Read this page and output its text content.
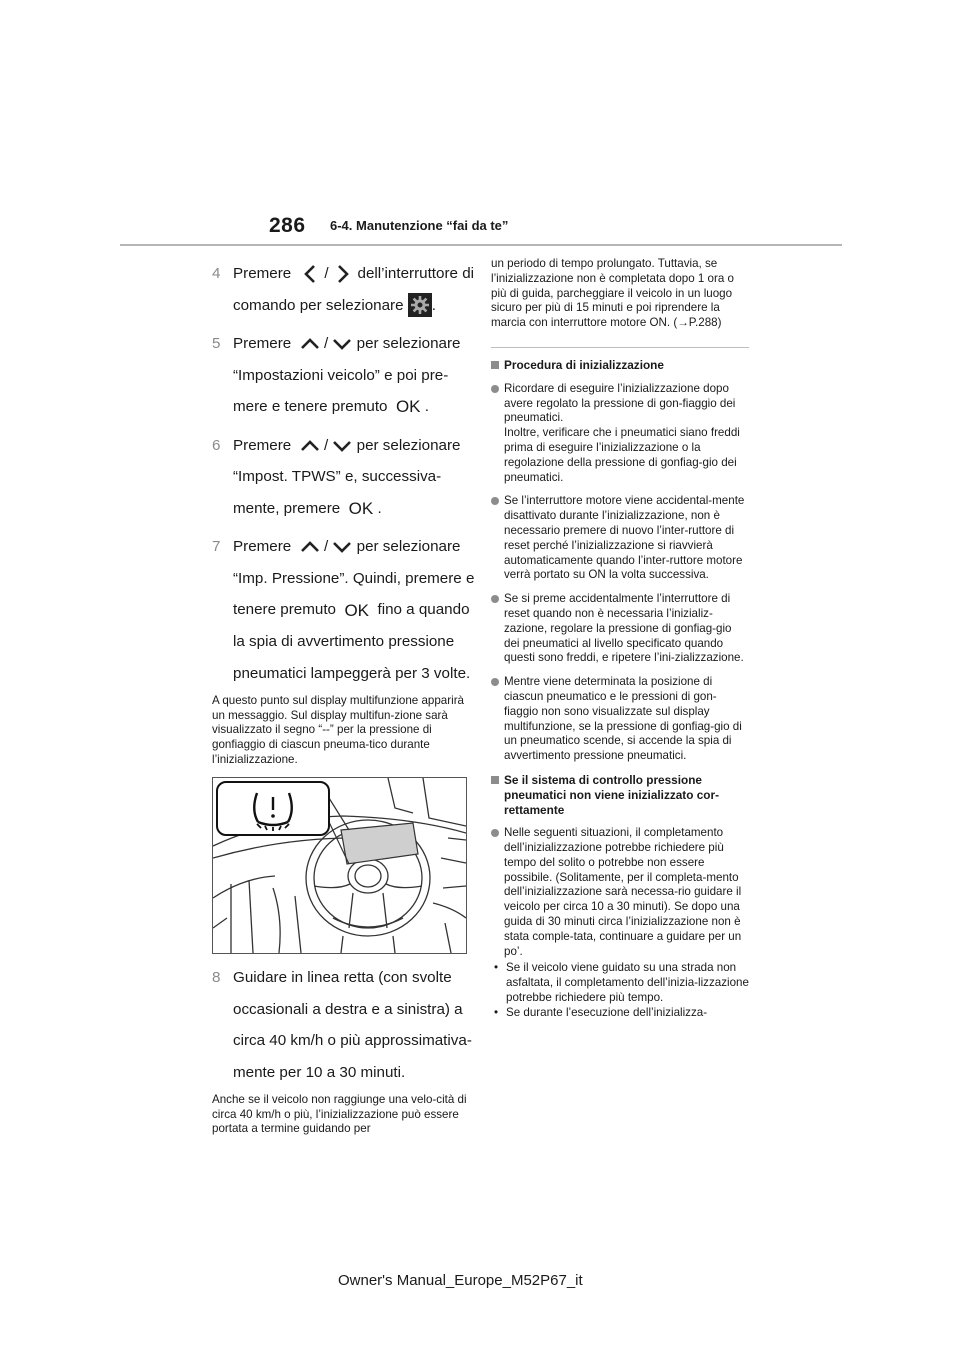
286 6-4. Manutenzione “fai da te”
4 Premere / dell’interruttore di
comando per selezionare .
5 Premere / per selezionare
“Impostazioni veicolo” e poi pre-
mere e tenere premuto OK .
6 Premere / per selezionare
“Impost. TPWS” e, successiva-
mente, premere OK .
7 Premere / per selezionare
“Imp. Pressione”. Quindi, premere e
tenere premuto OK fino a quando
la spia di avvertimento pressione
pneumatici lampeggerà per 3 volte.
A questo punto sul display multifunzione apparirà un messaggio. Sul display multifun-zione sarà visualizzato il segno “--” per la pressione di gonfiaggio di ciascun pneuma-tico durante l’inizializzazione.
8 Guidare in linea retta (con svolte
occasionali a destra e a sinistra) a
circa 40 km/h o più approssimativa-
mente per 10 a 30 minuti.
Anche se il veicolo non raggiunge una velo-cità di circa 40 km/h o più, l’inizializzazione può essere portata a termine guidando per

un periodo di tempo prolungato. Tuttavia, se l’inizializzazione non è completata dopo 1 ora o più di guida, parcheggiare il veicolo in un luogo sicuro per più di 15 minuti e poi riprendere la marcia con interruttore motore ON. (→P.288)

Procedura di inizializzazione
Ricordare di eseguire l’inizializzazione dopo avere regolato la pressione di gon-fiaggio dei pneumatici.
Inoltre, verificare che i pneumatici siano freddi prima di eseguire l’inizializzazione o la regolazione della pressione di gonfiag-gio dei pneumatici.
Se l’interruttore motore viene accidental-mente disattivato durante l’inizializzazione, non è necessario premere di nuovo l’inter-ruttore di reset perché l’inizializzazione si riavvierà automaticamente quando l’inter-ruttore motore verrà portato su ON la volta successiva.
Se si preme accidentalmente l’interruttore di reset quando non è necessaria l’inizializ-zazione, regolare la pressione di gonfiag-gio dei pneumatici al livello specificato quando questi sono freddi, e ripetere l’ini-zializzazione.
Mentre viene determinata la posizione di ciascun pneumatico e le pressioni di gon-fiaggio non sono visualizzate sul display multifunzione, se la pressione di gonfiag-gio di un pneumatico scende, si accende la spia di avvertimento pressione pneumatici.
Se il sistema di controllo pressione pneumatici non viene inizializzato cor-rettamente
Nelle seguenti situazioni, il completamento dell’inizializzazione potrebbe richiedere più tempo del solito o potrebbe non essere possibile. (Solitamente, per il completa-mento dell’inizializzazione sarà necessa-rio guidare il veicolo per circa 10 a 30 minuti). Se dopo una guida di 30 minuti circa l’inizializzazione non è stata comple-tata, continuare a guidare per un po’.
• Se il veicolo viene guidato su una strada non asfaltata, il completamento dell’inizia-lizzazione potrebbe richiedere più tempo.
• Se durante l’esecuzione dell’inizializza-
Owner's Manual_Europe_M52P67_it
